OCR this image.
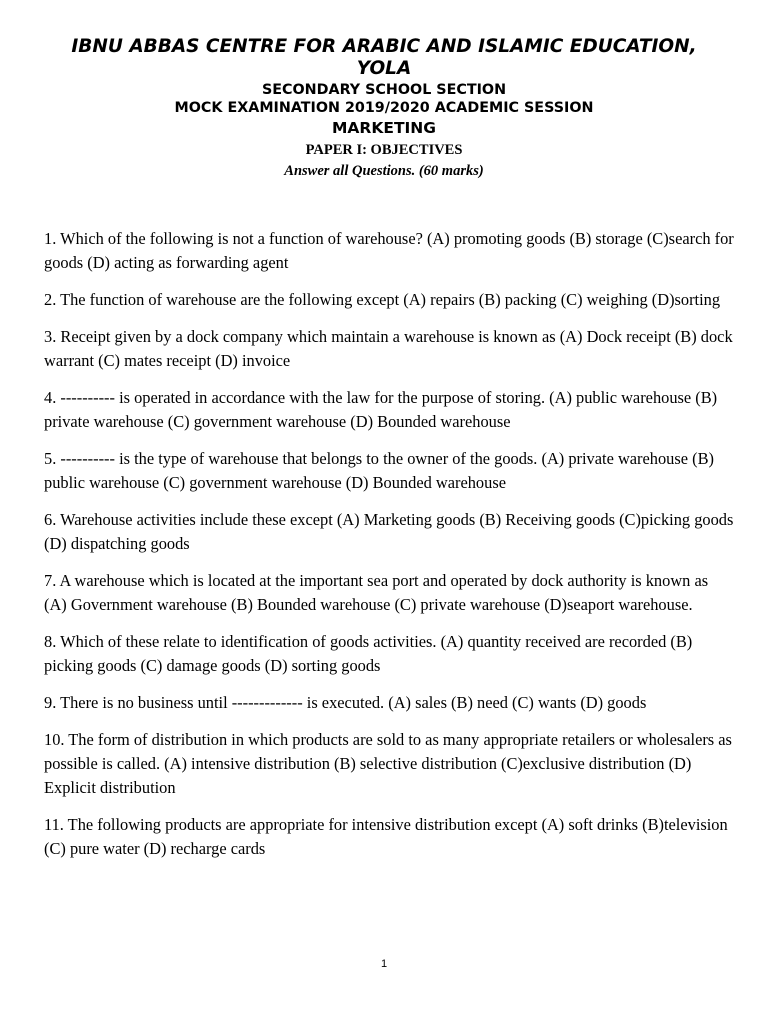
IBNU ABBAS CENTRE FOR ARABIC AND ISLAMIC EDUCATION, YOLA
SECONDARY SCHOOL SECTION
MOCK EXAMINATION 2019/2020 ACADEMIC SESSION
MARKETING
PAPER I: OBJECTIVES
Answer all Questions. (60 marks)

1. Which of the following is not a function of warehouse? (A) promoting goods (B) storage (C)search for goods (D) acting as forwarding agent

2. The function of warehouse are the following except (A) repairs (B) packing (C) weighing (D)sorting

3. Receipt given by a dock company which maintain a warehouse is known as (A) Dock receipt (B) dock warrant (C) mates receipt (D) invoice

4. ---------- is operated in accordance with the law for the purpose of storing. (A) public warehouse (B) private warehouse (C) government warehouse (D) Bounded warehouse

5. ---------- is the type of warehouse that belongs to the owner of the goods. (A) private warehouse (B) public warehouse (C) government warehouse (D) Bounded warehouse

6. Warehouse activities include these except (A) Marketing goods (B) Receiving goods (C)picking goods (D) dispatching goods

7. A warehouse which is located at the important sea port and operated by dock authority is known as (A) Government warehouse (B) Bounded warehouse (C) private warehouse (D)seaport warehouse.

8. Which of these relate to identification of goods activities. (A) quantity received are recorded (B) picking goods (C) damage goods (D) sorting goods

9. There is no business until ------------- is executed. (A) sales (B) need (C) wants (D) goods

10. The form of distribution in which products are sold to as many appropriate retailers or wholesalers as possible is called. (A) intensive distribution (B) selective distribution (C)exclusive distribution (D) Explicit distribution

11. The following products are appropriate for intensive distribution except (A) soft drinks (B)television (C) pure water (D) recharge cards

1
